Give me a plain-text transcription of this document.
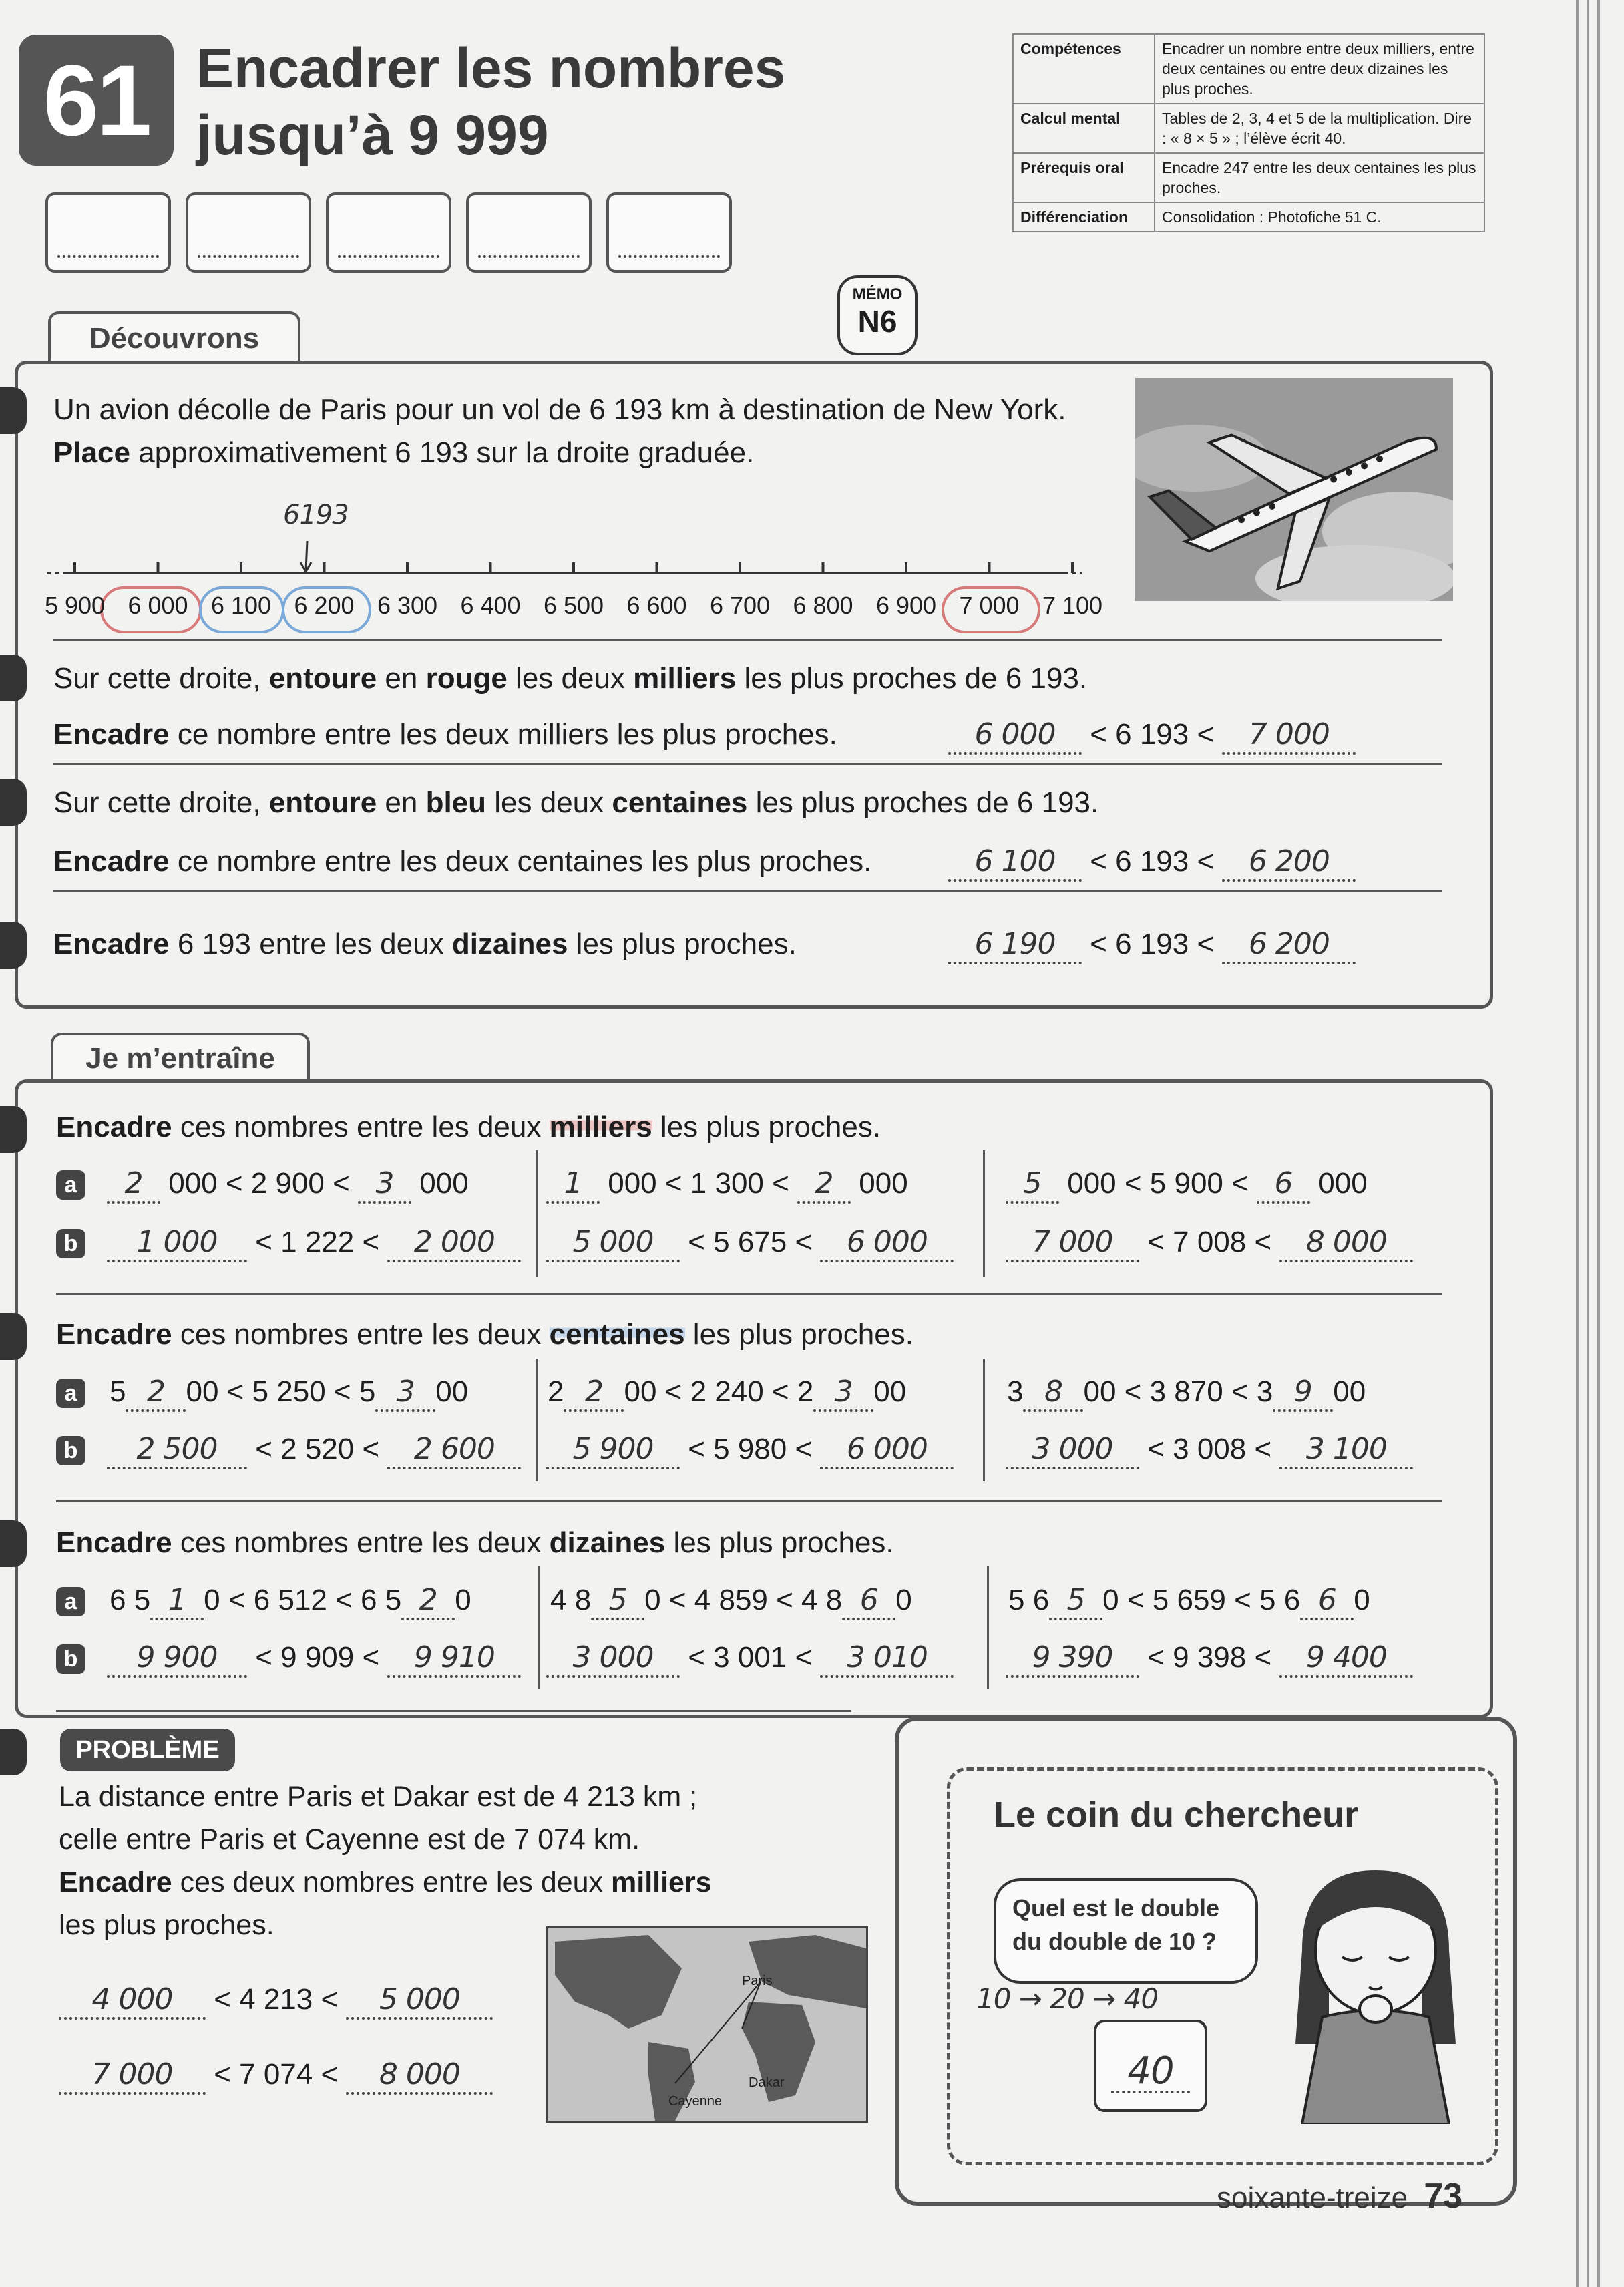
61 Encadrer les nombres
jusqu’à 9 999
Compétences	Encadrer un nombre entre deux milliers, entre deux centaines ou entre deux dizaines les plus proches.
Calcul mental	Tables de 2, 3, 4 et 5 de la multiplication. Dire : « 8 × 5 » ; l’élève écrit 40.
Prérequis oral	Encadre 247 entre les deux centaines les plus proches.
Différenciation	Consolidation : Photofiche 51 C.
Découvrons
MÉMO
N6
Un avion décolle de Paris pour un vol de 6 193 km à destination de New York.
Place approximativement 6 193 sur la droite graduée.
6193
5 900 6 000 6 100 6 200 6 300 6 400 6 500 6 600 6 700 6 800 6 900 7 000 7 100
Sur cette droite, entoure en rouge les deux milliers les plus proches de 6 193.
Encadre ce nombre entre les deux milliers les plus proches.	6 000 < 6 193 < 7 000
Sur cette droite, entoure en bleu les deux centaines les plus proches de 6 193.
Encadre ce nombre entre les deux centaines les plus proches.	6 100 < 6 193 < 6 200
Encadre 6 193 entre les deux dizaines les plus proches.	6 190 < 6 193 < 6 200
Je m’entraîne
Encadre ces nombres entre les deux milliers les plus proches.
a
b
2 000 < 2 900 < 3 000	1 000 < 1 300 < 2 000	5 000 < 5 900 < 6 000
1 000 < 1 222 < 2 000	5 000 < 5 675 < 6 000	7 000 < 7 008 < 8 000
Encadre ces nombres entre les deux centaines les plus proches.
a
b
5 2 00 < 5 250 < 5 3 00	2 2 00 < 2 240 < 2 3 00	3 8 00 < 3 870 < 3 9 00
2 500 < 2 520 < 2 600	5 900 < 5 980 < 6 000	3 000 < 3 008 < 3 100
Encadre ces nombres entre les deux dizaines les plus proches.
a
b
6 5 1 0 < 6 512 < 6 5 2 0	4 8 5 0 < 4 859 < 4 8 6 0	5 6 5 0 < 5 659 < 5 6 6 0
9 900 < 9 909 < 9 910	3 000 < 3 001 < 3 010	9 390 < 9 398 < 9 400
PROBLÈME
La distance entre Paris et Dakar est de 4 213 km ;
celle entre Paris et Cayenne est de 7 074 km.
Encadre ces deux nombres entre les deux milliers
les plus proches.
4 000 < 4 213 < 5 000
7 000 < 7 074 < 8 000
Paris
Dakar
Cayenne
Le coin du chercheur
Quel est le double
du double de 10 ?
10 → 20 → 40
40
soixante-treize 73
